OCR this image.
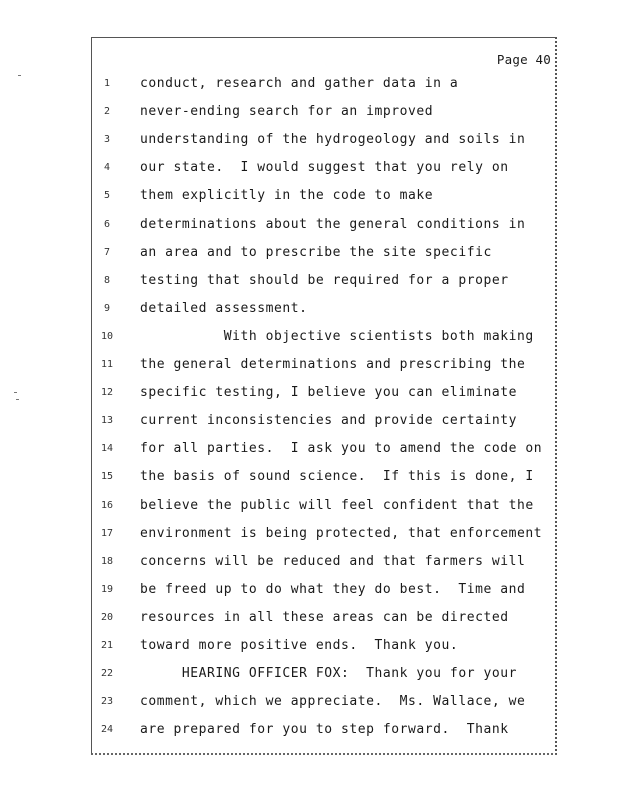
Page 40
1	conduct, research and gather data in a
2	never-ending search for an improved
3	understanding of the hydrogeology and soils in
4	our state.  I would suggest that you rely on
5	them explicitly in the code to make
6	determinations about the general conditions in
7	an area and to prescribe the site specific
8	testing that should be required for a proper
9	detailed assessment.
10	With objective scientists both making
11	the general determinations and prescribing the
12	specific testing, I believe you can eliminate
13	current inconsistencies and provide certainty
14	for all parties.  I ask you to amend the code on
15	the basis of sound science.  If this is done, I
16	believe the public will feel confident that the
17	environment is being protected, that enforcement
18	concerns will be reduced and that farmers will
19	be freed up to do what they do best.  Time and
20	resources in all these areas can be directed
21	toward more positive ends.  Thank you.
22	HEARING OFFICER FOX:  Thank you for your
23	comment, which we appreciate.  Ms. Wallace, we
24	are prepared for you to step forward.  Thank
